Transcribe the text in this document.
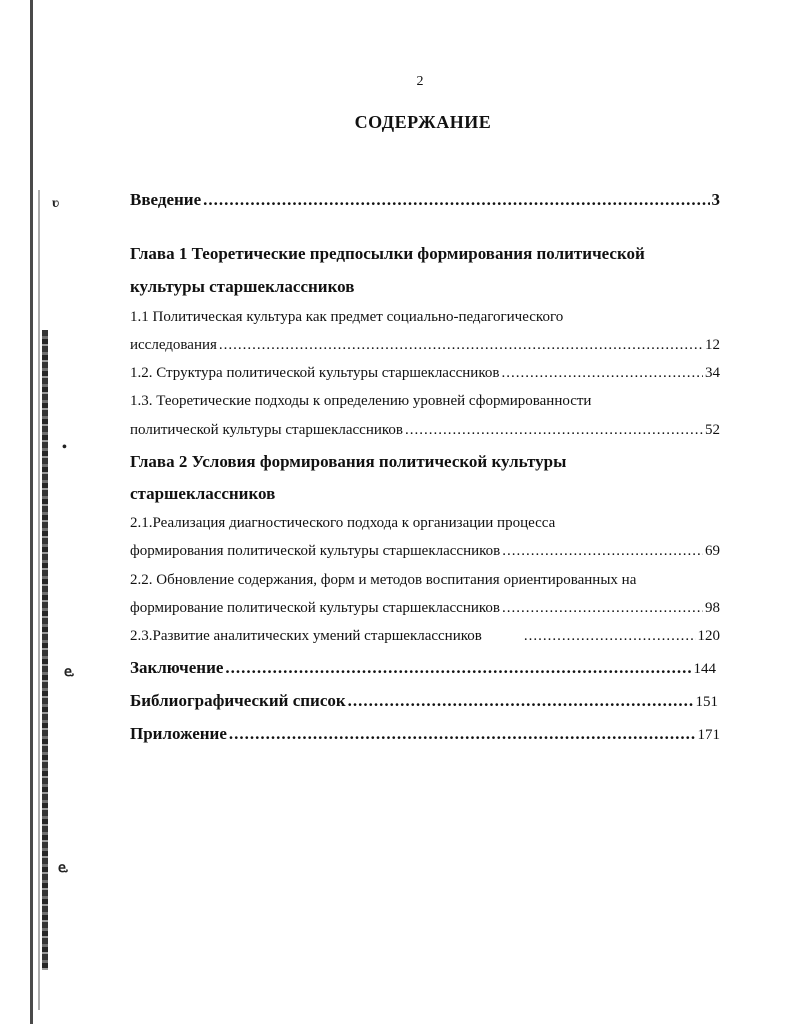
ʋ
•
ⱸ
ⱸ
2
СОДЕРЖАНИЕ
Введение .....	3
Глава 1 Теоретические предпосылки формирования политической
культуры старшеклассников
1.1 Политическая культура как предмет социально-педагогического
исследования .....	12
1.2. Структура политической культуры старшеклассников .....	34
1.3. Теоретические подходы к определению уровней сформированности
политической культуры старшеклассников .....	52
Глава 2 Условия формирования политической культуры
старшеклассников
2.1.Реализация диагностического подхода к организации процесса
формирования политической культуры старшеклассников .....	69
2.2. Обновление содержания, форм и методов воспитания ориентированных на
формирование политической культуры старшеклассников .....	98
2.3.Развитие аналитических умений старшеклассников .....	120
Заключение .....	144
Библиографический список .....	151
Приложение .....	171
